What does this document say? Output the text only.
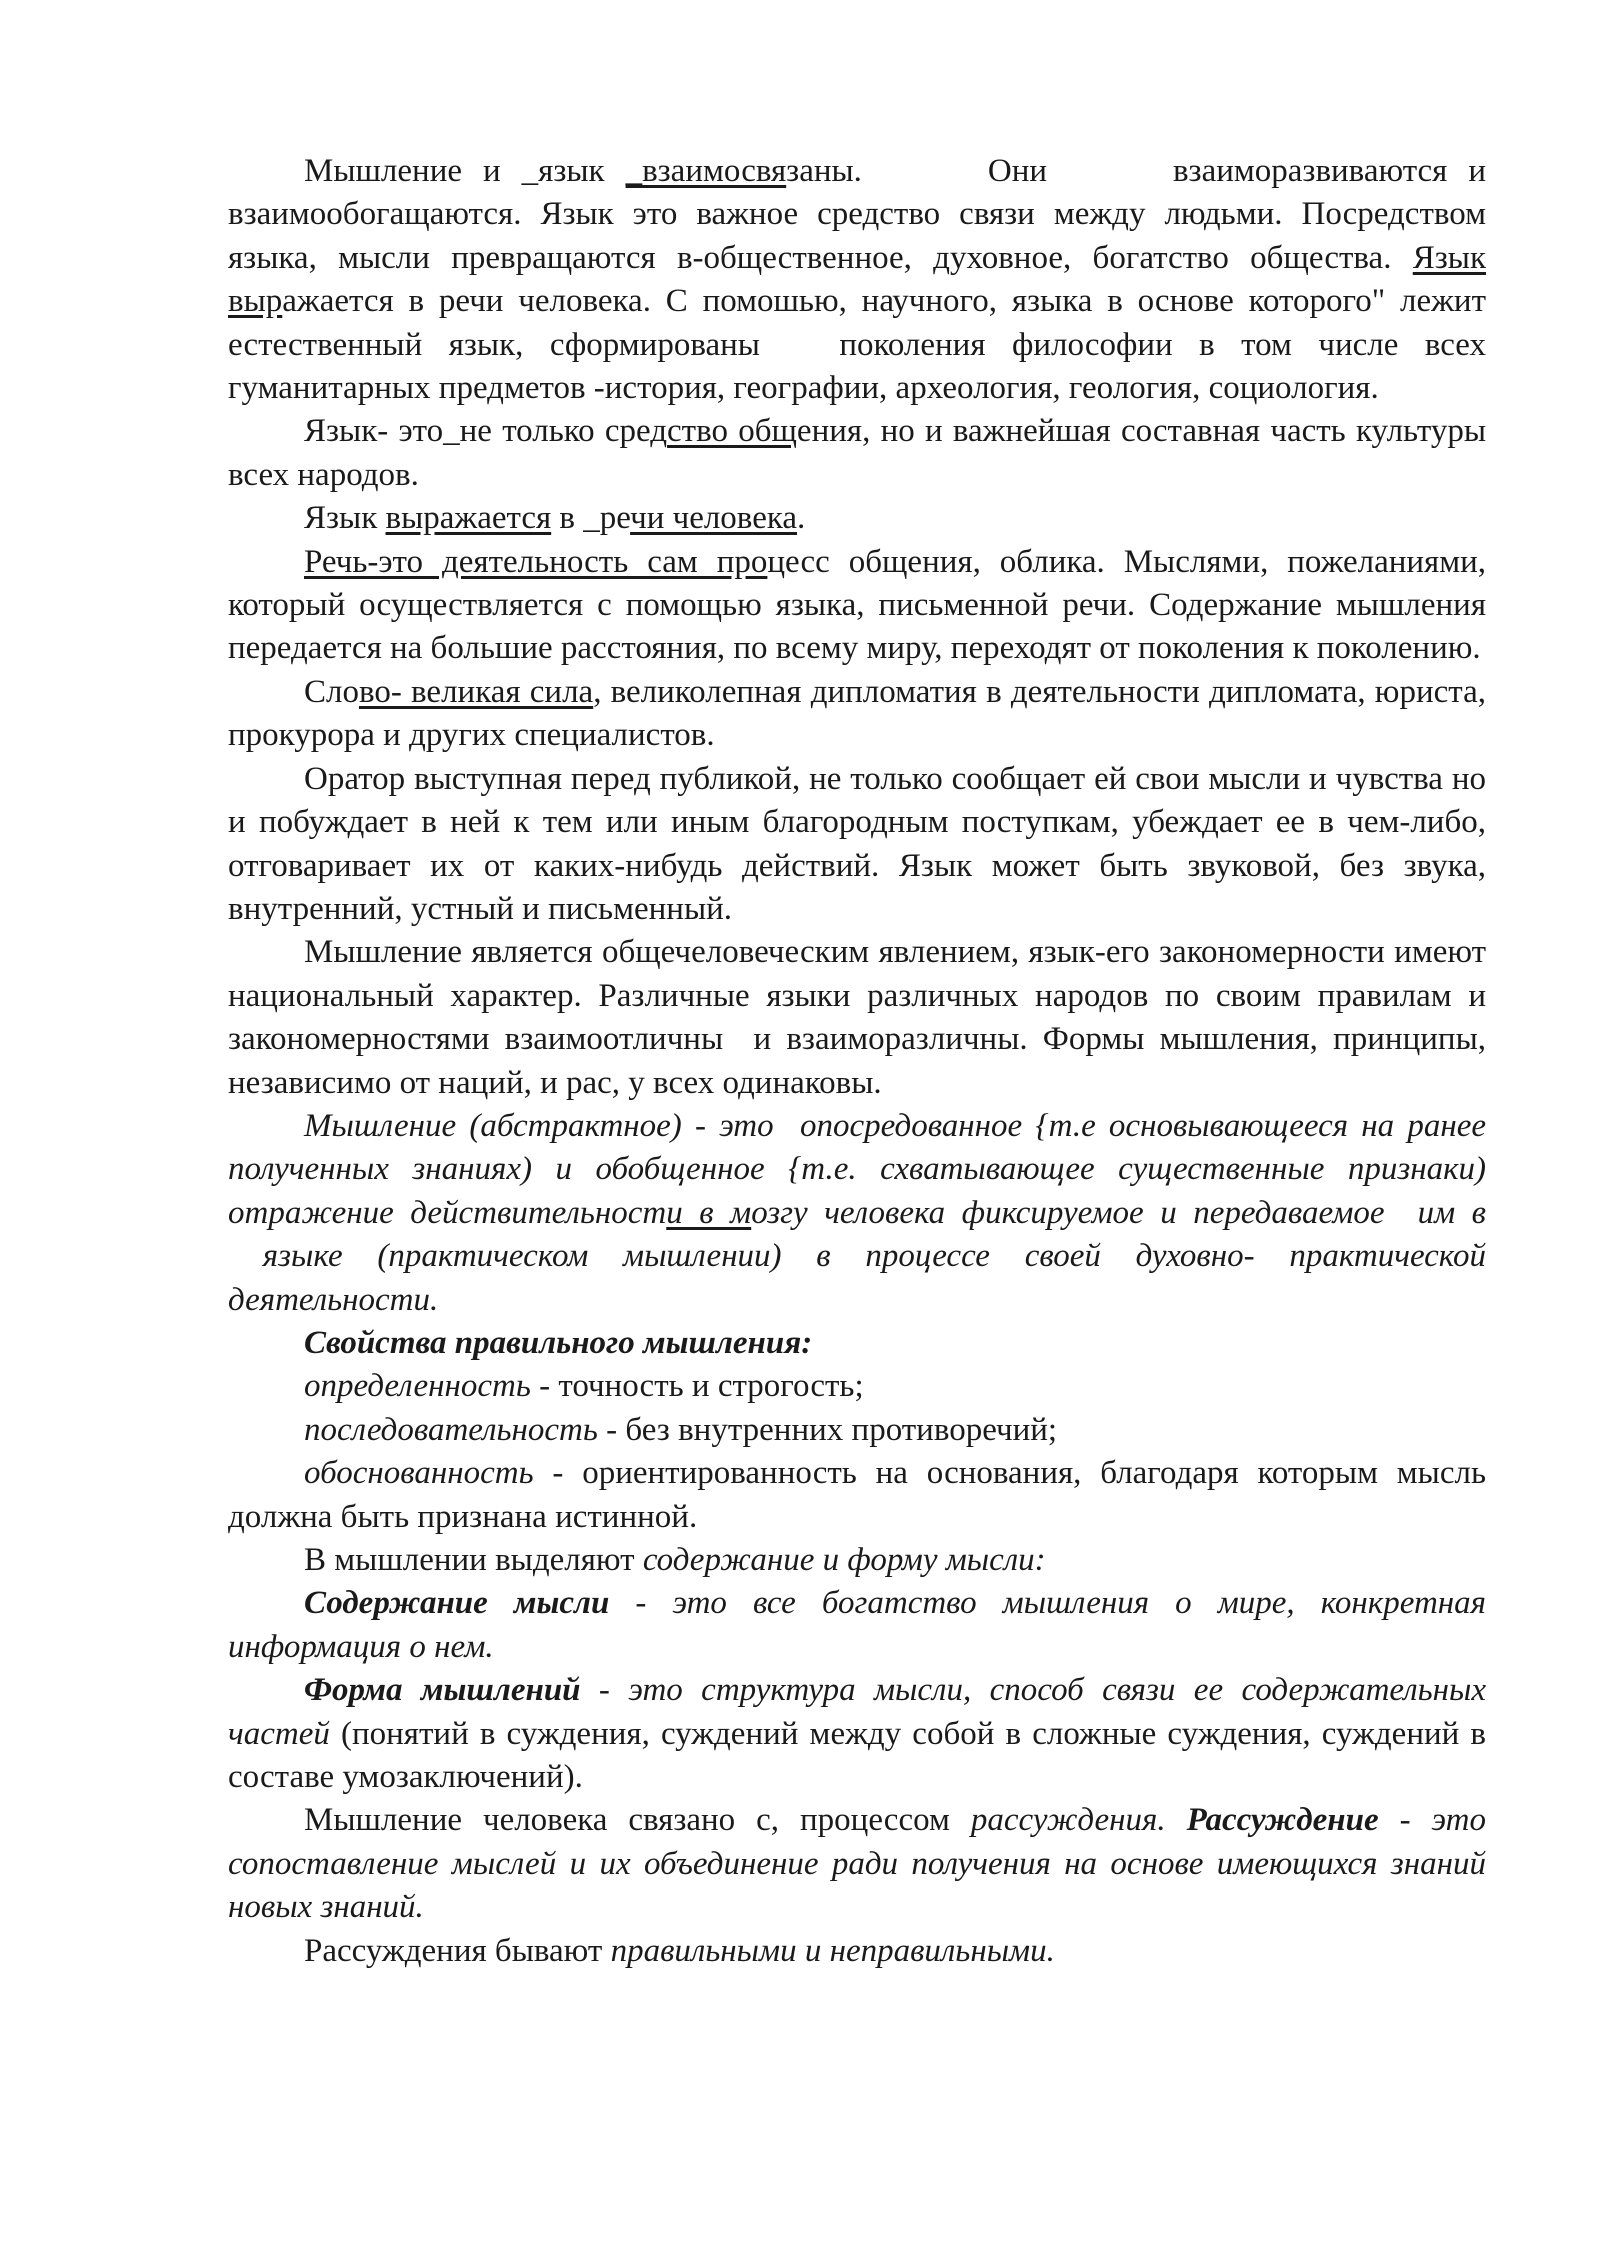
Мышление и _язык _взаимосвязаны.      Они      взаиморазвиваются и взаимообогащаются. Язык это важное средство связи между людьми. Посредством языка, мысли превращаются в-общественное, духовное, богатство общества. Язык выражается в речи человека. С помошью, научного, языка в основе которого" лежит естественный язык, сформированы   поколения философии в том числе всех гуманитарных предметов -история, географии, археология, геология, социология.

Язык- это_не только средство общения, но и важнейшая составная часть культуры всех народов.

Язык выражается в _речи человека.

Речь-это деятельность сам процесс общения, облика. Мыслями, пожеланиями, который осуществляется с помощью языка, письменной речи. Содержание мышления передается на большие расстояния, по всему миру, переходят от поколения к поколению.

Слово- великая сила, великолепная дипломатия в деятельности дипломата, юриста, прокурора и других специалистов.

Оратор выступная перед публикой, не только сообщает ей свои мысли и чувства но и побуждает в ней к тем или иным благородным поступкам, убеждает ее в чем-либо, отговаривает их от каких-нибудь действий. Язык может быть звуковой, без звука, внутренний, устный и письменный.

Мышление является общечеловеческим явлением, язык-его закономерности имеют национальный характер. Различные языки различных народов по своим правилам и закономерностями взаимоотличны  и взаиморазличны. Формы мышления, принципы, независимо от наций, и рас, у всех одинаковы.

Мышление (абстрактное) - это  опосредованное {т.е основывающееся на ранее полученных знаниях) и обобщенное {т.е. схватывающее существенные признаки) отражение действительности в мозгу человека фиксируемое и передаваемое  им в  языке (практическом мышлении) в процессе своей духовно- практической деятельности.

Свойства правильного мышления:

определенность - точность и строгость;

последовательность - без внутренних противоречий;

обоснованность - ориентированность на основания, благодаря которым мысль должна быть признана истинной.

В мышлении выделяют содержание и форму мысли:

Содержание мысли - это все богатство мышления о мире, конкретная информация о нем.

Форма мышлений - это структура мысли, способ связи ее содержательных частей (понятий в суждения, суждений между собой в сложные суждения, суждений в составе умозаключений).

Мышление человека связано с, процессом рассуждения. Рассуждение - это сопоставление мыслей и их объединение ради получения на основе имеющихся знаний новых знаний.

Рассуждения бывают правильными и неправильными.
